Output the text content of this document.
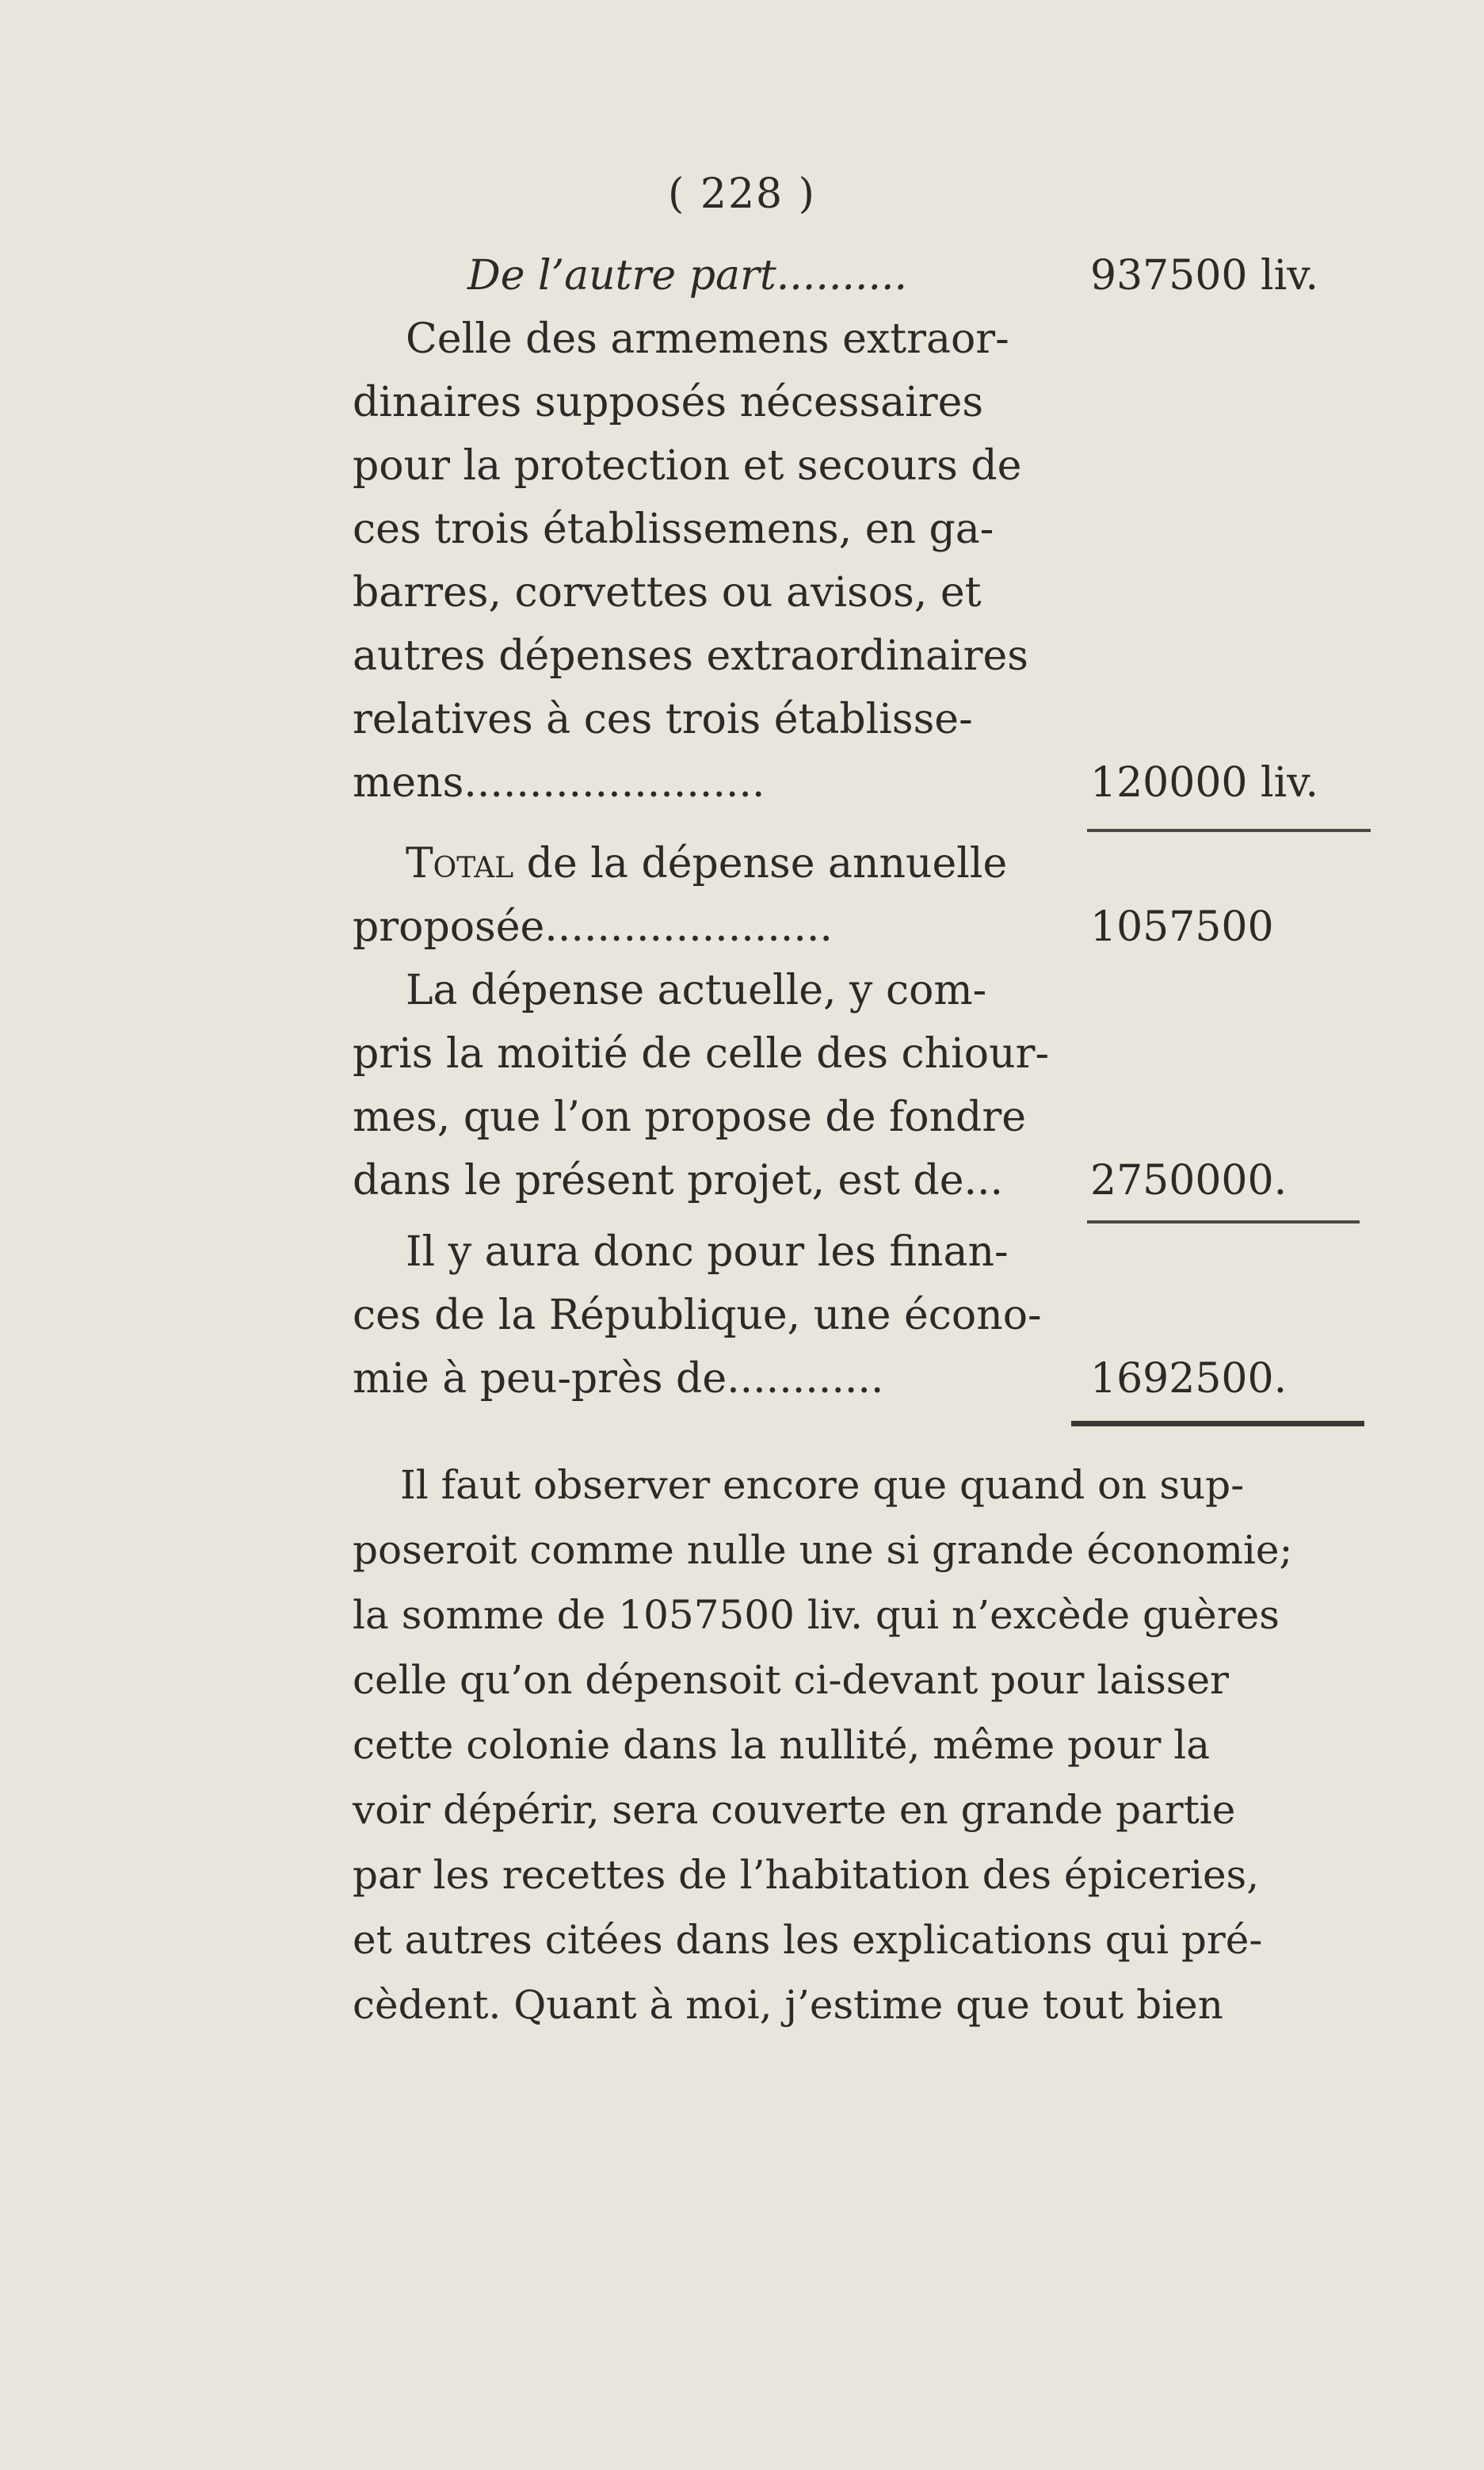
( 228 )
De l’autre part..........	937500 liv.
Celle des armemens extraor-
dinaires supposés nécessaires
pour la protection et secours de
ces trois établissemens, en ga-
barres, corvettes ou avisos, et
autres dépenses extraordinaires
relatives à ces trois établisse-
mens.......................	120000 liv.
Total de la dépense annuelle
proposée......................	1057500
La dépense actuelle, y com-
pris la moitié de celle des chiour-
mes, que l’on propose de fondre
dans le présent projet, est de... 2750000.
Il y aura donc pour les finan-
ces de la République, une écono-
mie à peu-près de............	1692500.
Il faut observer encore que quand on sup-
poseroit comme nulle une si grande économie;
la somme de 1057500 liv. qui n’excède guères
celle qu’on dépensoit ci-devant pour laisser
cette colonie dans la nullité, même pour la
voir dépérir, sera couverte en grande partie
par les recettes de l’habitation des épiceries,
et autres citées dans les explications qui pré-
cèdent. Quant à moi, j’estime que tout bien
